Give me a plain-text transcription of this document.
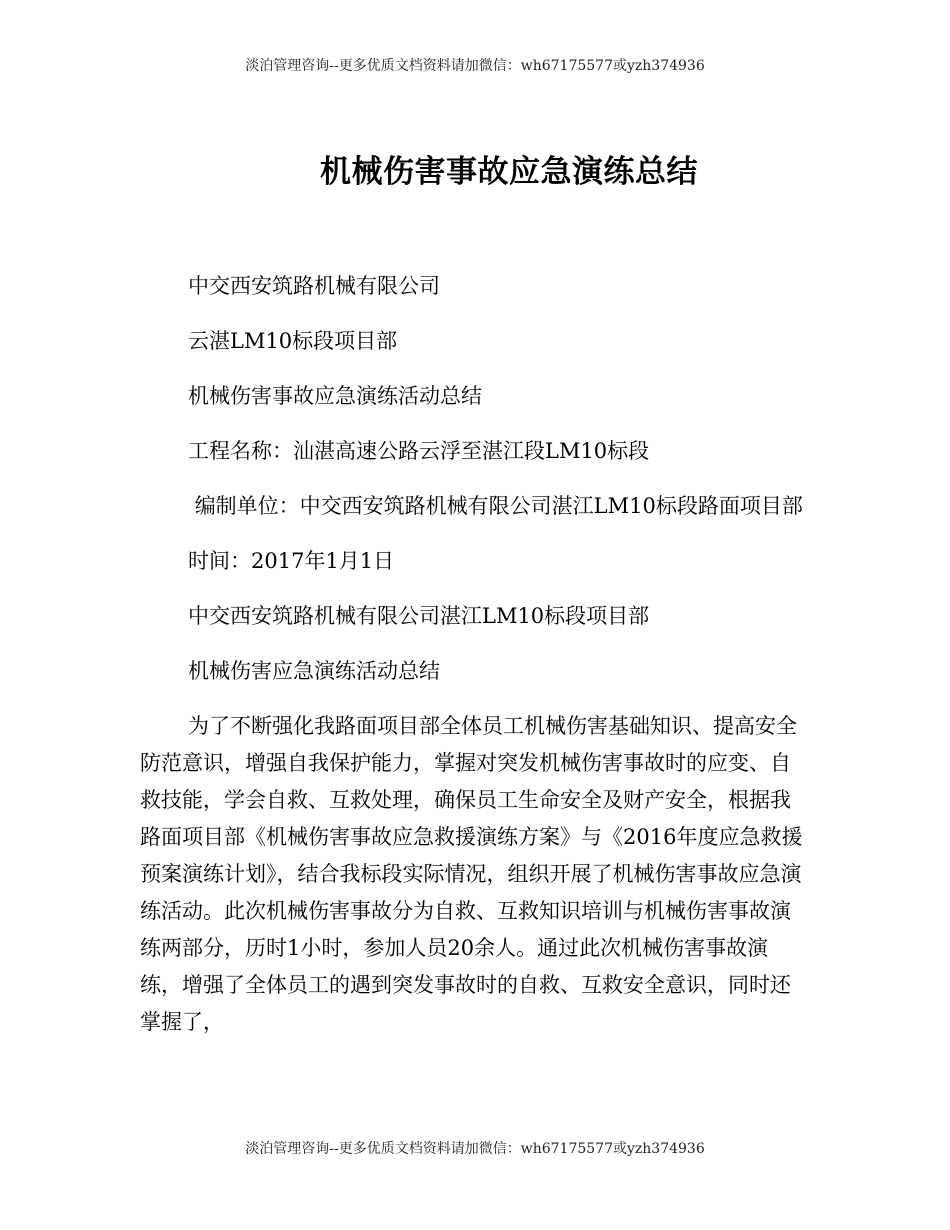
淡泊管理咨询--更多优质文档资料请加微信：wh67175577或yzh374936
机械伤害事故应急演练总结

中交西安筑路机械有限公司

云湛LM10标段项目部

机械伤害事故应急演练活动总结

工程名称：汕湛高速公路云浮至湛江段LM10标段

编制单位：中交西安筑路机械有限公司湛江LM10标段路面项目部

时间：2017年1月1日

中交西安筑路机械有限公司湛江LM10标段项目部

机械伤害应急演练活动总结

为了不断强化我路面项目部全体员工机械伤害基础知识、提高安全防范意识，增强自我保护能力，掌握对突发机械伤害事故时的应变、自救技能，学会自救、互救处理，确保员工生命安全及财产安全，根据我路面项目部《机械伤害事故应急救援演练方案》与《2016年度应急救援预案演练计划》，结合我标段实际情况，组织开展了机械伤害事故应急演练活动。此次机械伤害事故分为自救、互救知识培训与机械伤害事故演练两部分，历时1小时，参加人员20余人。通过此次机械伤害事故演练，增强了全体员工的遇到突发事故时的自救、互救安全意识，同时还掌握了，

淡泊管理咨询--更多优质文档资料请加微信：wh67175577或yzh374936
